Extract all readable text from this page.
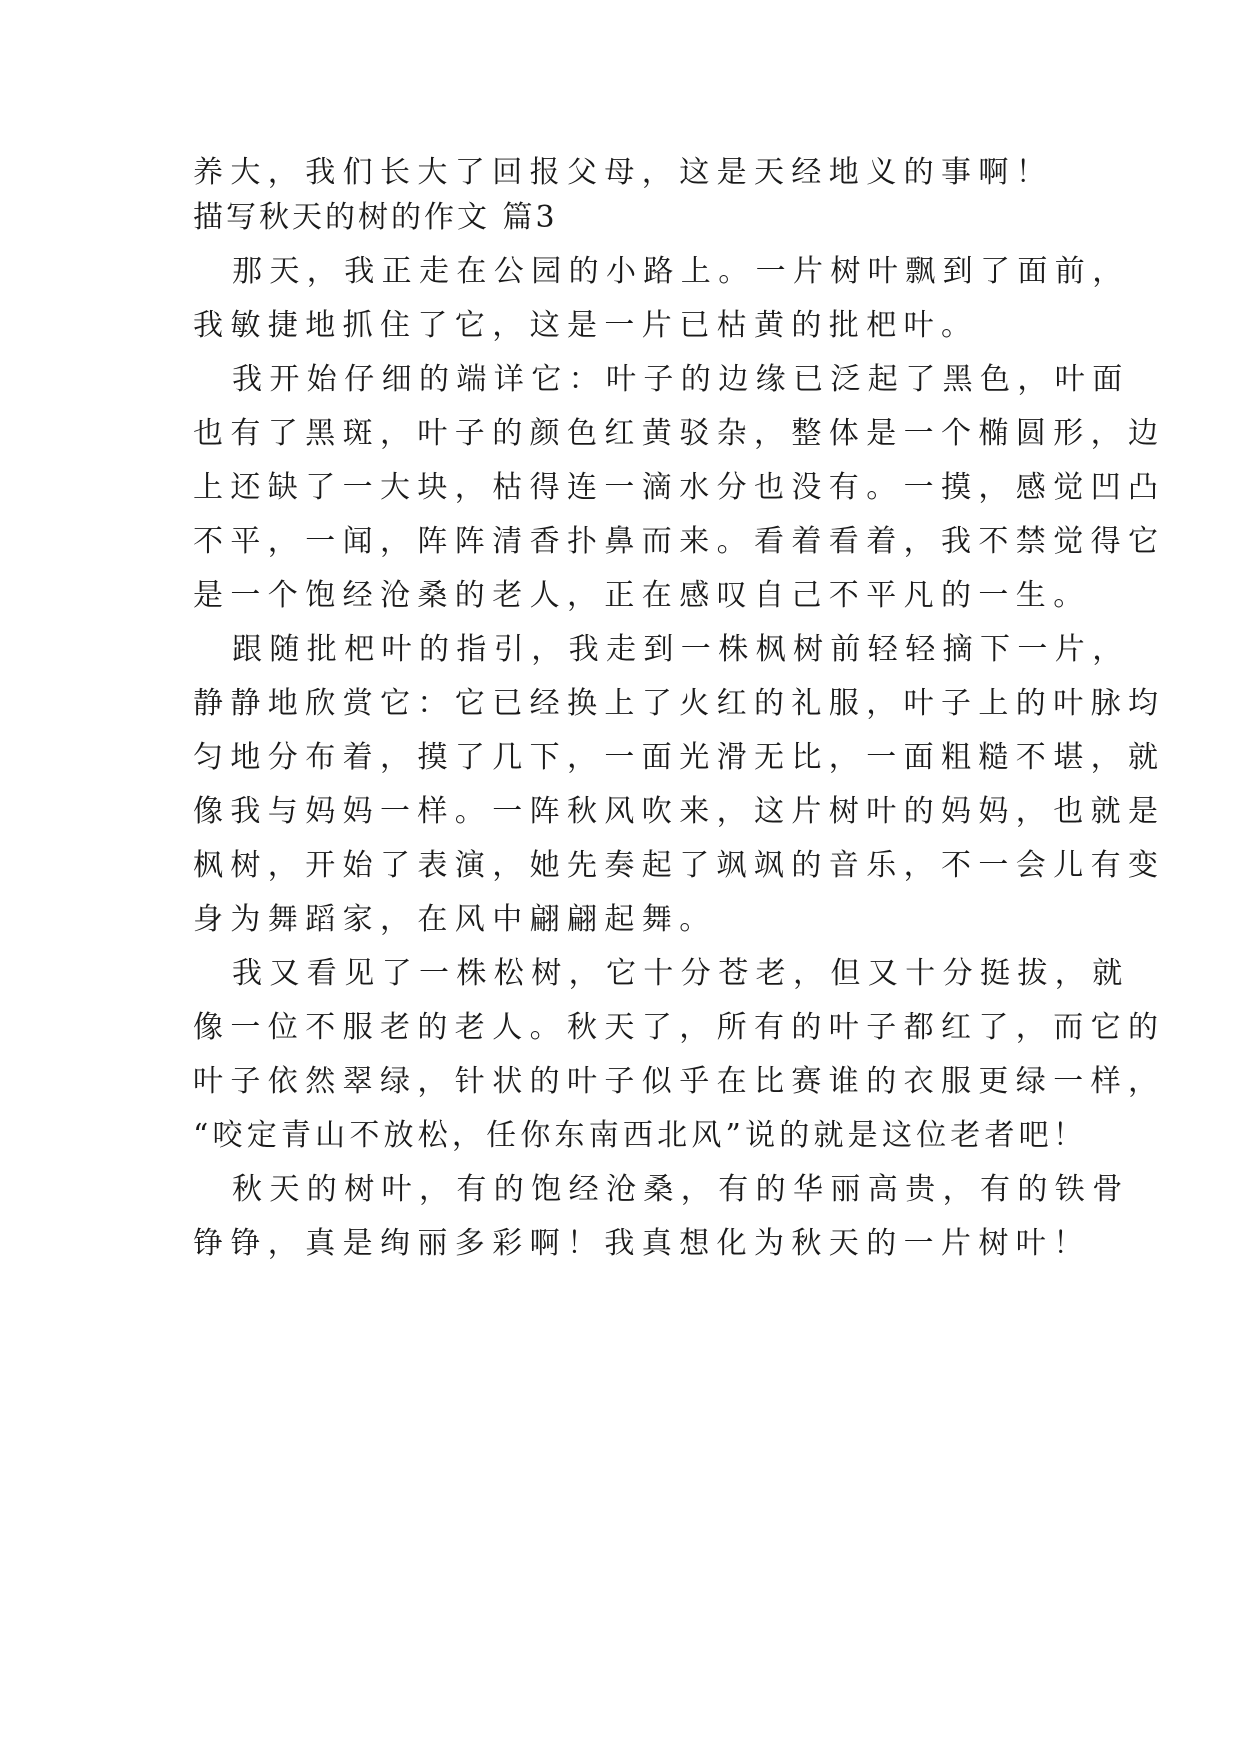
养大，我们长大了回报父母，这是天经地义的事啊！
描写秋天的树的作文 篇3
那天，我正走在公园的小路上。一片树叶飘到了面前，
我敏捷地抓住了它，这是一片已枯黄的批杷叶。
我开始仔细的端详它：叶子的边缘已泛起了黑色，叶面
也有了黑斑，叶子的颜色红黄驳杂，整体是一个椭圆形，边
上还缺了一大块，枯得连一滴水分也没有。一摸，感觉凹凸
不平，一闻，阵阵清香扑鼻而来。看着看着，我不禁觉得它
是一个饱经沧桑的老人，正在感叹自己不平凡的一生。
跟随批杷叶的指引，我走到一株枫树前轻轻摘下一片，
静静地欣赏它：它已经换上了火红的礼服，叶子上的叶脉均
匀地分布着，摸了几下，一面光滑无比，一面粗糙不堪，就
像我与妈妈一样。一阵秋风吹来，这片树叶的妈妈，也就是
枫树，开始了表演，她先奏起了飒飒的音乐，不一会儿有变
身为舞蹈家，在风中翩翩起舞。
我又看见了一株松树，它十分苍老，但又十分挺拔，就
像一位不服老的老人。秋天了，所有的叶子都红了，而它的
叶子依然翠绿，针状的叶子似乎在比赛谁的衣服更绿一样，
“咬定青山不放松，任你东南西北风”说的就是这位老者吧！
秋天的树叶，有的饱经沧桑，有的华丽高贵，有的铁骨
铮铮，真是绚丽多彩啊！我真想化为秋天的一片树叶！
